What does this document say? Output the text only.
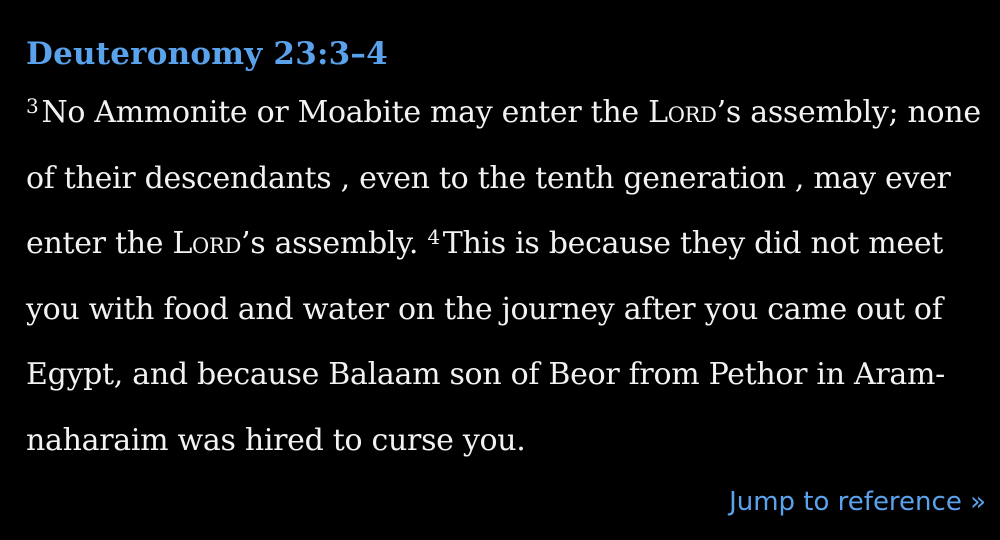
Deuteronomy 23:3–4

$^3$ No Ammonite or Moabite may enter the Lord’s assembly; none of their descendants , even to the tenth generation , may ever enter the Lord’s assembly. $^4$ This is because they did not meet you with food and water on the journey after you came out of Egypt, and because Balaam son of Beor from Pethor in Aram-naharaim was hired to curse you.

Jump to reference »
